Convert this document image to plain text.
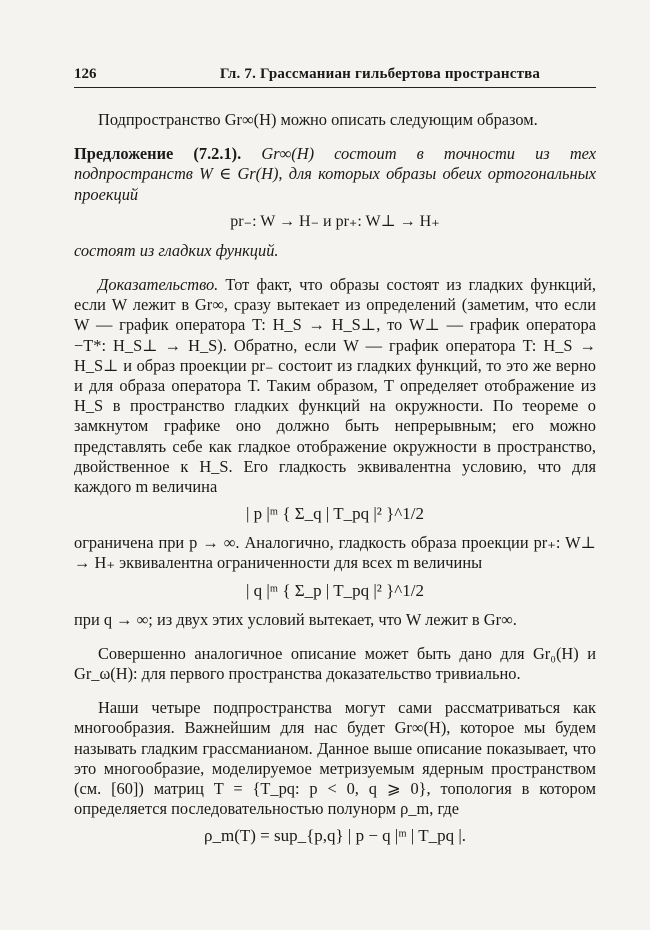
126	Гл. 7. Грассманиан гильбертова пространства

Подпространство Gr∞(H) можно описать следующим образом.

Предложение (7.2.1). Gr∞(H) состоит в точности из тех подпространств W ∈ Gr(H), для которых образы обеих ортогональных проекций

pr₋: W → H₋ и pr₊: W⊥ → H₊

состоят из гладких функций.

Доказательство. Тот факт, что образы состоят из гладких функций, если W лежит в Gr∞, сразу вытекает из определений (заметим, что если W — график оператора T: H_S → H_S⊥, то W⊥ — график оператора −T*: H_S⊥ → H_S). Обратно, если W — график оператора T: H_S → H_S⊥ и образ проекции pr₋ состоит из гладких функций, то это же верно и для образа оператора T. Таким образом, T определяет отображение из H_S в пространство гладких функций на окружности. По теореме о замкнутом графике оно должно быть непрерывным; его можно представлять себе как гладкое отображение окружности в пространство, двойственное к H_S. Его гладкость эквивалентна условию, что для каждого m величина

| p |ᵐ { Σ_q | T_pq |² }^1/2

ограничена при p → ∞. Аналогично, гладкость образа проекции pr₊: W⊥ → H₊ эквивалентна ограниченности для всех m величины

| q |ᵐ { Σ_p | T_pq |² }^1/2

при q → ∞; из двух этих условий вытекает, что W лежит в Gr∞.

Совершенно аналогичное описание может быть дано для Gr₀(H) и Gr_ω(H): для первого пространства доказательство тривиально.

Наши четыре подпространства могут сами рассматриваться как многообразия. Важнейшим для нас будет Gr∞(H), которое мы будем называть гладким грассманианом. Данное выше описание показывает, что это многообразие, моделируемое метризуемым ядерным пространством (см. [60]) матриц T = {T_pq: p < 0, q ⩾ 0}, топология в котором определяется последовательностью полунорм ρ_m, где

ρ_m(T) = sup_{p,q} | p − q |ᵐ | T_pq |.
